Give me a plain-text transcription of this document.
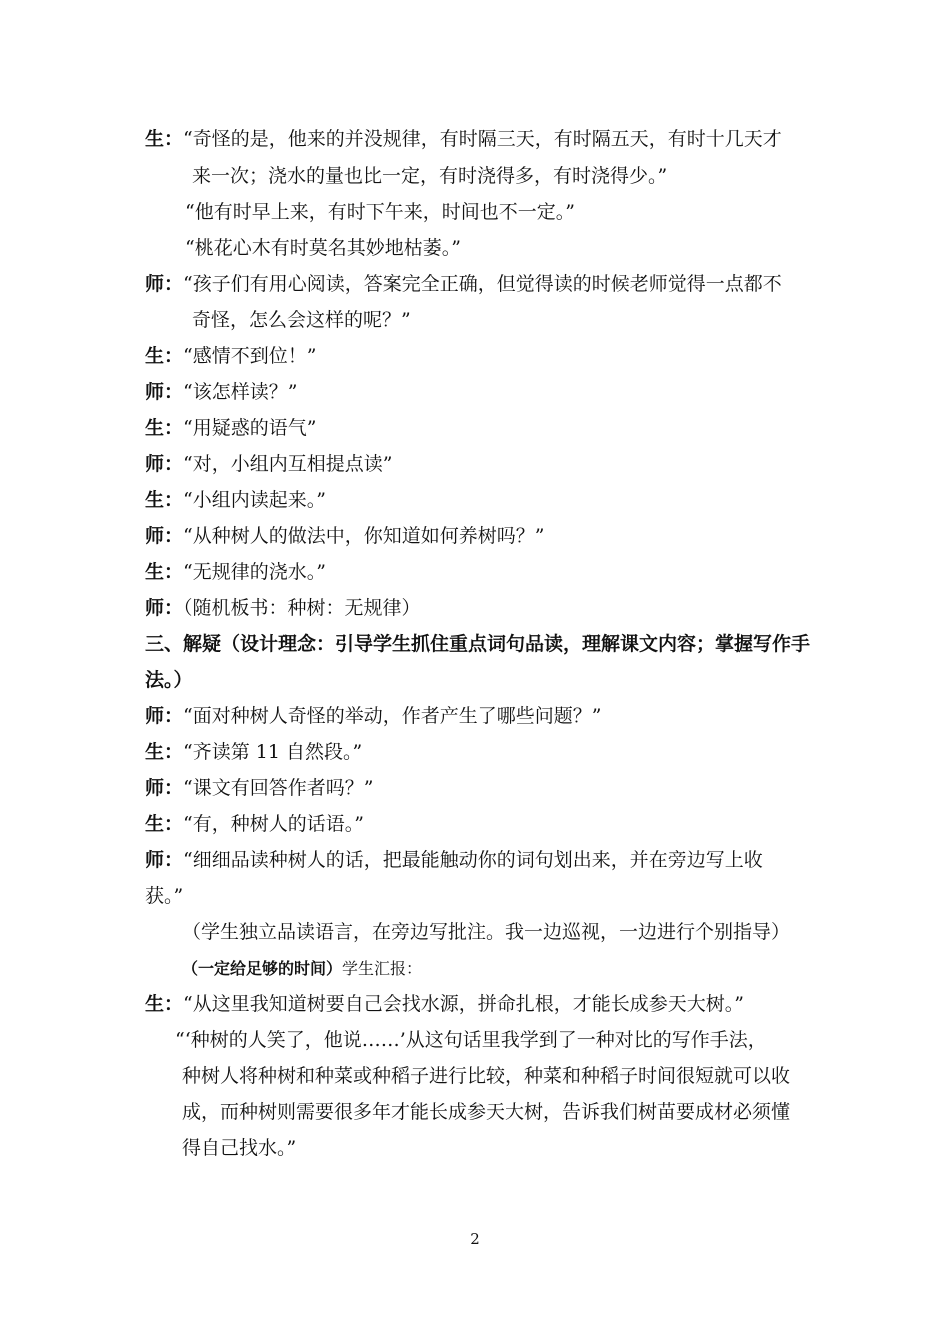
生：“奇怪的是，他来的并没规律，有时隔三天，有时隔五天，有时十几天才
来一次；浇水的量也比一定，有时浇得多，有时浇得少。”
“他有时早上来，有时下午来，时间也不一定。”
“桃花心木有时莫名其妙地枯萎。”
师：“孩子们有用心阅读，答案完全正确，但觉得读的时候老师觉得一点都不
奇怪，怎么会这样的呢？”
生：“感情不到位！”
师：“该怎样读？”
生：“用疑惑的语气”
师：“对，小组内互相提点读”
生：“小组内读起来。”
师：“从种树人的做法中，你知道如何养树吗？”
生：“无规律的浇水。”
师：（随机板书：种树：无规律）
三、解疑（设计理念：引导学生抓住重点词句品读，理解课文内容；掌握写作手
法。）
师：“面对种树人奇怪的举动，作者产生了哪些问题？”
生：“齐读第 11 自然段。”
师：“课文有回答作者吗？”
生：“有，种树人的话语。”
师：“细细品读种树人的话，把最能触动你的词句划出来，并在旁边写上收
获。”
（学生独立品读语言，在旁边写批注。我一边巡视，一边进行个别指导）
（一定给足够的时间）学生汇报：
生：“从这里我知道树要自己会找水源，拼命扎根，才能长成参天大树。”
“‘种树的人笑了，他说……’从这句话里我学到了一种对比的写作手法，
种树人将种树和种菜或种稻子进行比较，种菜和种稻子时间很短就可以收
成，而种树则需要很多年才能长成参天大树，告诉我们树苗要成材必须懂
得自己找水。”
2
